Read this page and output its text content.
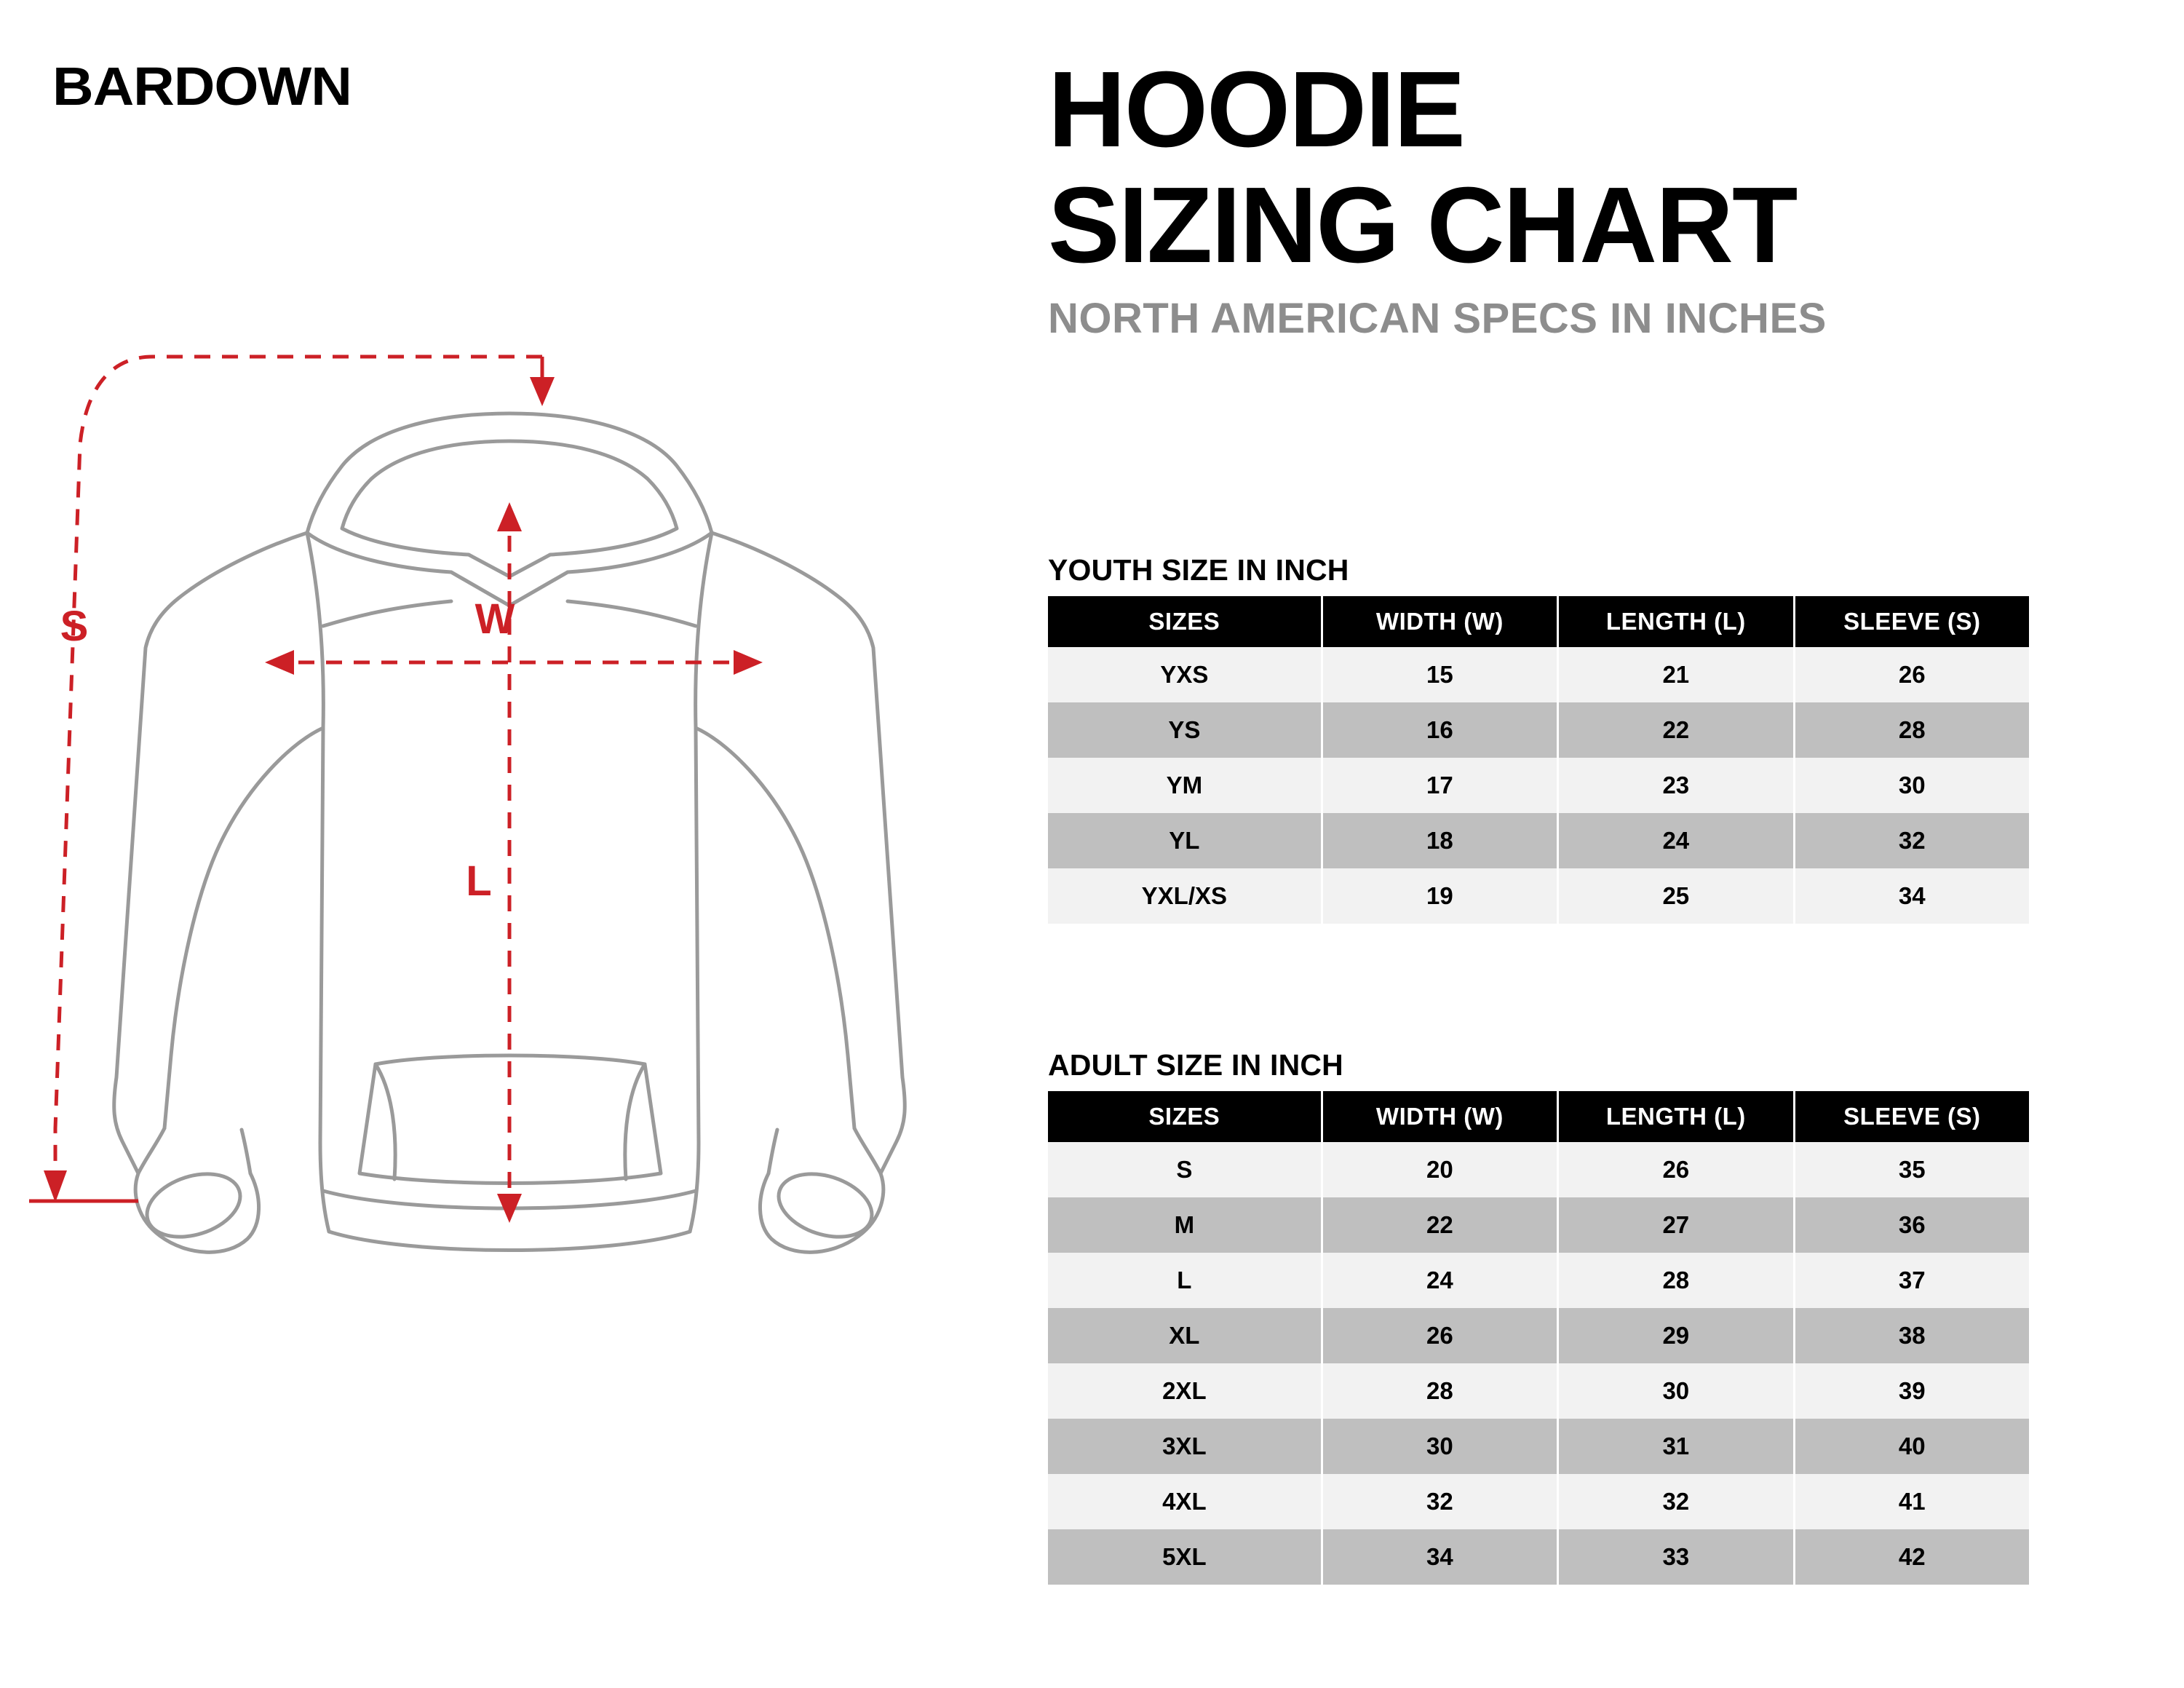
BARDOWN
W
L
S
HOODIE
SIZING CHART

NORTH AMERICAN SPECS IN INCHES

YOUTH SIZE IN INCH
SIZES	WIDTH (W)	LENGTH (L)	SLEEVE (S)
YXS	15	21	26
YS	16	22	28
YM	17	23	30
YL	18	24	32
YXL/XS	19	25	34
ADULT SIZE IN INCH
SIZES	WIDTH (W)	LENGTH (L)	SLEEVE (S)
S	20	26	35
M	22	27	36
L	24	28	37
XL	26	29	38
2XL	28	30	39
3XL	30	31	40
4XL	32	32	41
5XL	34	33	42
